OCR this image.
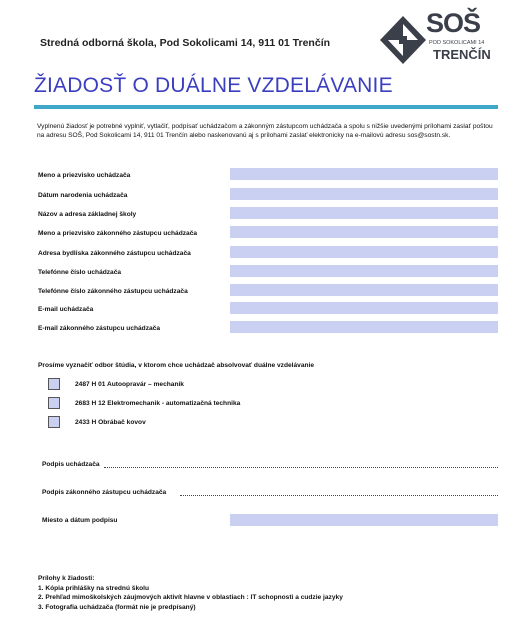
Stredná odborná škola, Pod Sokolicami 14, 911 01 Trenčín
SOŠ
POD SOKOLICAMI 14
TRENČÍN
ŽIADOSŤ O DUÁLNE VZDELÁVANIE
Vyplnenú žiadosť je potrebné vyplniť, vytlačiť, podpísať uchádzačom a zákonným zástupcom uchádzača a spolu s nižšie uvedenými prílohami zaslať poštou na adresu SOŠ, Pod Sokolicami 14, 911 01 Trenčín alebo naskenovanú aj s prílohami zaslať elektronicky na e-mailovú adresu sos@sostn.sk.
Meno a priezvisko uchádzača
Dátum narodenia uchádzača
Názov a adresa základnej školy
Meno a priezvisko zákonného zástupcu uchádzača
Adresa bydliska zákonného zástupcu uchádzača
Telefónne číslo uchádzača
Telefónne číslo zákonného zástupcu uchádzača
E-mail uchádzača
E-mail zákonného zástupcu uchádzača
Prosíme vyznačiť odbor štúdia, v ktorom chce uchádzač absolvovať duálne vzdelávanie
2487 H 01 Autoopravár – mechanik
2683 H 12 Elektromechanik - automatizačná technika
2433 H Obrábač kovov
Podpis uchádzača
Podpis zákonného zástupcu uchádzača
Miesto a dátum podpisu
Prílohy k žiadosti:
1. Kópia prihlášky na strednú školu
2. Prehľad mimoškolských záujmových aktivít hlavne v oblastiach : IT schopnosti a cudzie jazyky
3. Fotografia uchádzača (formát nie je predpísaný)
